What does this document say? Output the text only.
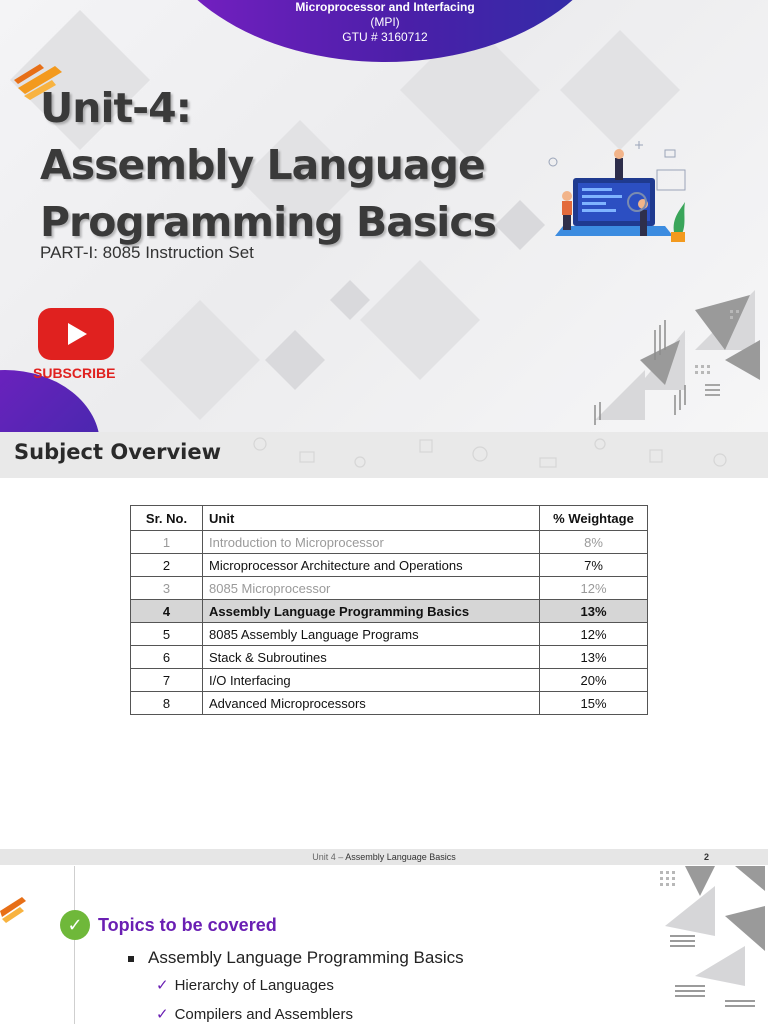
Microprocessor and Interfacing
(MPI)
GTU # 3160712
Unit-4:
Assembly Language
Programming Basics
PART-I: 8085 Instruction Set
SUBSCRIBE
Subject Overview
Sr. No.	Unit	% Weightage
1	Introduction to Microprocessor	8%
2	Microprocessor Architecture and Operations	7%
3	8085 Microprocessor	12%
4	Assembly Language Programming Basics	13%
5	8085 Assembly Language Programs	12%
6	Stack & Subroutines	13%
7	I/O Interfacing	20%
8	Advanced Microprocessors	15%
Unit 4 – Assembly Language Basics	2
✓ Topics to be covered
Assembly Language Programming Basics
✓ Hierarchy of Languages
✓ Compilers and Assemblers
